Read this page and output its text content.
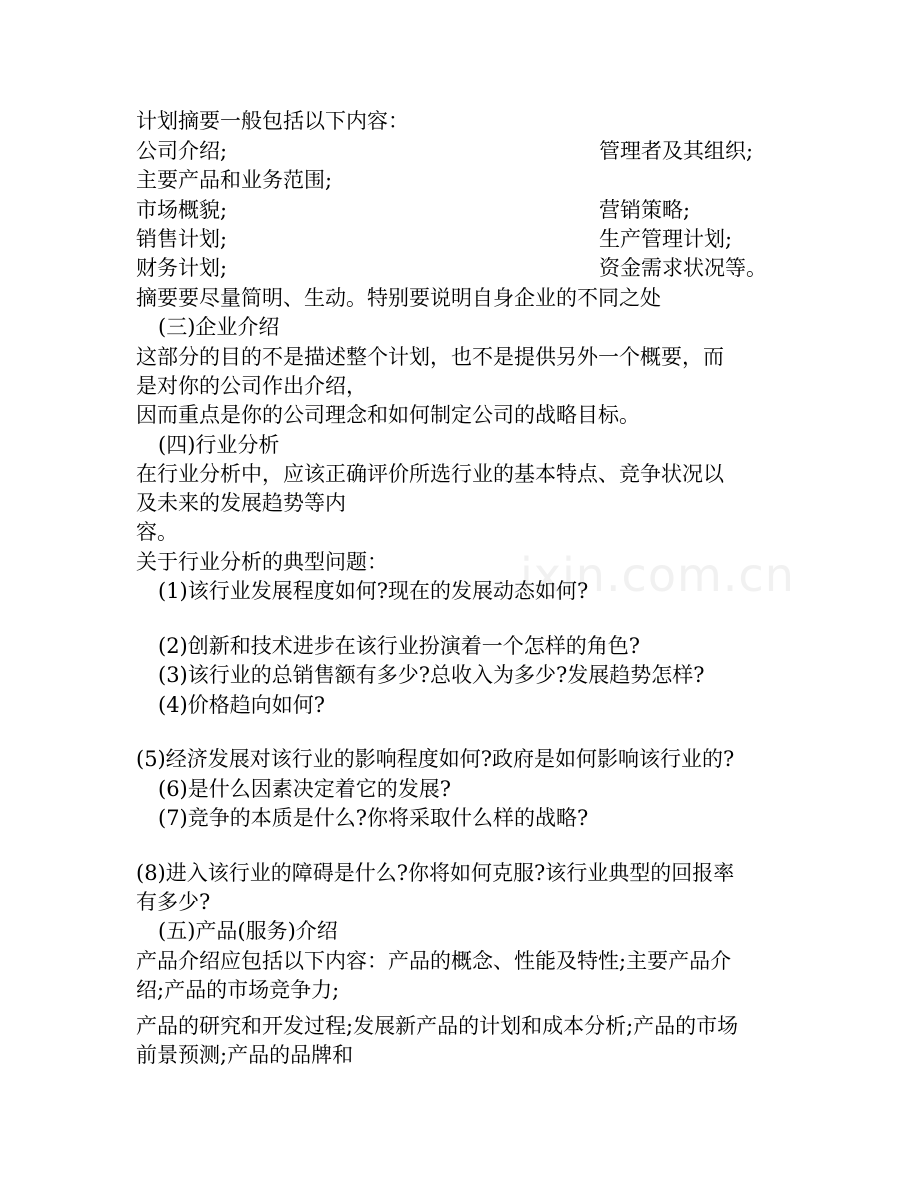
ixin.com.cn
计划摘要一般包括以下内容：
公司介绍;	管理者及其组织;
主要产品和业务范围;
市场概貌;	营销策略;
销售计划;	生产管理计划;
财务计划;	资金需求状况等。
摘要要尽量简明、生动。特别要说明自身企业的不同之处
(三)企业介绍
这部分的目的不是描述整个计划，也不是提供另外一个概要，而
是对你的公司作出介绍，
因而重点是你的公司理念和如何制定公司的战略目标。
(四)行业分析
在行业分析中，应该正确评价所选行业的基本特点、竞争状况以
及未来的发展趋势等内
容。
关于行业分析的典型问题：
(1)该行业发展程度如何?现在的发展动态如何?
(2)创新和技术进步在该行业扮演着一个怎样的角色?
(3)该行业的总销售额有多少?总收入为多少?发展趋势怎样?
(4)价格趋向如何?
(5)经济发展对该行业的影响程度如何?政府是如何影响该行业的?
(6)是什么因素决定着它的发展?
(7)竞争的本质是什么?你将采取什么样的战略?
(8)进入该行业的障碍是什么?你将如何克服?该行业典型的回报率
有多少?
(五)产品(服务)介绍
产品介绍应包括以下内容：产品的概念、性能及特性;主要产品介
绍;产品的市场竞争力;
产品的研究和开发过程;发展新产品的计划和成本分析;产品的市场
前景预测;产品的品牌和
